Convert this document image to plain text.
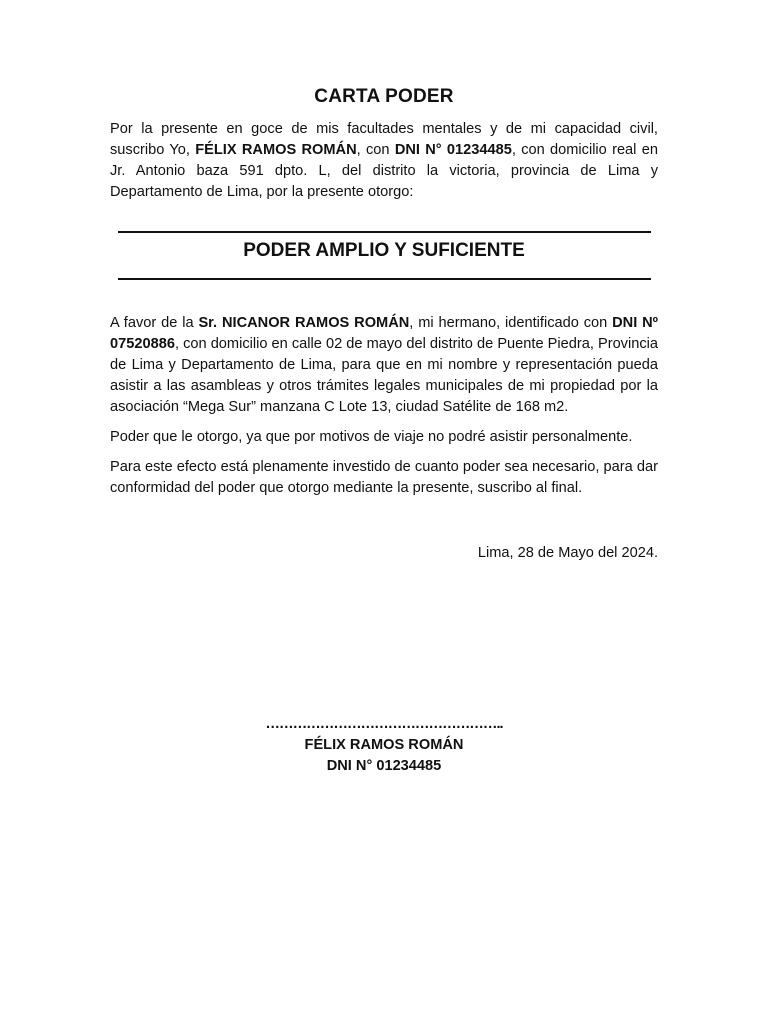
CARTA PODER

Por la presente en goce de mis facultades mentales y de mi capacidad civil, suscribo Yo, FÉLIX RAMOS ROMÁN, con DNI N° 01234485, con domicilio real en Jr. Antonio baza 591 dpto. L, del distrito la victoria, provincia de Lima y Departamento de Lima, por la presente otorgo:

PODER AMPLIO Y SUFICIENTE

A favor de la Sr. NICANOR RAMOS ROMÁN, mi hermano, identificado con DNI Nº 07520886, con domicilio en calle 02 de mayo del distrito de Puente Piedra, Provincia de Lima y Departamento de Lima, para que en mi nombre y representación pueda asistir a las asambleas y otros trámites legales municipales de mi propiedad por la asociación “Mega Sur” manzana C Lote 13, ciudad Satélite de 168 m2.

Poder que le otorgo, ya que por motivos de viaje no podré asistir personalmente.

Para este efecto está plenamente investido de cuanto poder sea necesario, para dar conformidad del poder que otorgo mediante la presente, suscribo al final.

Lima, 28 de Mayo del 2024.
……………………………………………..
FÉLIX RAMOS ROMÁN
DNI N° 01234485
